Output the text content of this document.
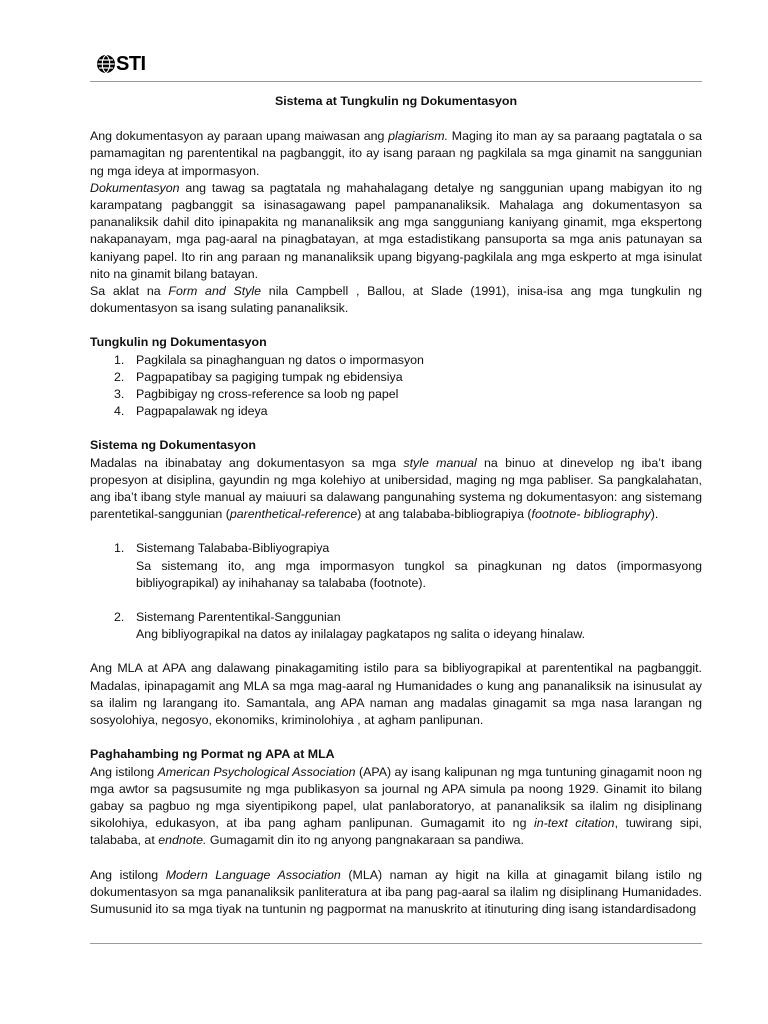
STI
Sistema at Tungkulin ng Dokumentasyon

Ang dokumentasyon ay paraan upang maiwasan ang plagiarism. Maging ito man ay sa paraang pagtatala o sa pamamagitan ng parententikal na pagbanggit, ito ay isang paraan ng pagkilala sa mga ginamit na sanggunian ng mga ideya at impormasyon.

Dokumentasyon ang tawag sa pagtatala ng mahahalagang detalye ng sanggunian upang mabigyan ito ng karampatang pagbanggit sa isinasagawang papel pampananaliksik. Mahalaga ang dokumentasyon sa pananaliksik dahil dito ipinapakita ng mananaliksik ang mga sangguniang kaniyang ginamit, mga ekspertong nakapanayam, mga pag-aaral na pinagbatayan, at mga estadistikang pansuporta sa mga anis patunayan sa kaniyang papel. Ito rin ang paraan ng mananaliksik upang bigyang-pagkilala ang mga eskperto at mga isinulat nito na ginamit bilang batayan.

Sa aklat na Form and Style nila Campbell , Ballou, at Slade (1991), inisa-isa ang mga tungkulin ng dokumentasyon sa isang sulating pananaliksik.

Tungkulin ng Dokumentasyon
1. Pagkilala sa pinaghanguan ng datos o impormasyon
2. Pagpapatibay sa pagiging tumpak ng ebidensiya
3. Pagbibigay ng cross-reference sa loob ng papel
4. Pagpapalawak ng ideya
Sistema ng Dokumentasyon

Madalas na ibinabatay ang dokumentasyon sa mga style manual na binuo at dinevelop ng iba’t ibang propesyon at disiplina, gayundin ng mga kolehiyo at unibersidad, maging ng mga pabliser. Sa pangkalahatan, ang iba’t ibang style manual ay maiuuri sa dalawang pangunahing systema ng dokumentasyon: ang sistemang parentetikal-sanggunian (parenthetical-reference) at ang talababa-bibliograpiya (footnote- bibliography).

1. Sistemang Talababa-Bibliyograpiya

Sa sistemang ito, ang mga impormasyon tungkol sa pinagkunan ng datos (impormasyong bibliyograpikal) ay inihahanay sa talababa (footnote).

2. Sistemang Parententikal-Sanggunian

Ang bibliyograpikal na datos ay inilalagay pagkatapos ng salita o ideyang hinalaw.

Ang MLA at APA ang dalawang pinakagamiting istilo para sa bibliyograpikal at parententikal na pagbanggit. Madalas, ipinapagamit ang MLA sa mga mag-aaral ng Humanidades o kung ang pananaliksik na isinusulat ay sa ilalim ng larangang ito. Samantala, ang APA naman ang madalas ginagamit sa mga nasa larangan ng sosyolohiya, negosyo, ekonomiks, kriminolohiya , at agham panlipunan.

Paghahambing ng Pormat ng APA at MLA

Ang istilong American Psychological Association (APA) ay isang kalipunan ng mga tuntuning ginagamit noon ng mga awtor sa pagsusumite ng mga publikasyon sa journal ng APA simula pa noong 1929. Ginamit ito bilang gabay sa pagbuo ng mga siyentipikong papel, ulat panlaboratoryo, at pananaliksik sa ilalim ng disiplinang sikolohiya, edukasyon, at iba pang agham panlipunan. Gumagamit ito ng in-text citation, tuwirang sipi, talababa, at endnote. Gumagamit din ito ng anyong pangnakaraan sa pandiwa.

Ang istilong Modern Language Association (MLA) naman ay higit na killa at ginagamit bilang istilo ng dokumentasyon sa mga pananaliksik panliteratura at iba pang pag-aaral sa ilalim ng disiplinang Humanidades. Sumusunid ito sa mga tiyak na tuntunin ng pagpormat na manuskrito at itinuturing ding isang istandardisadong
